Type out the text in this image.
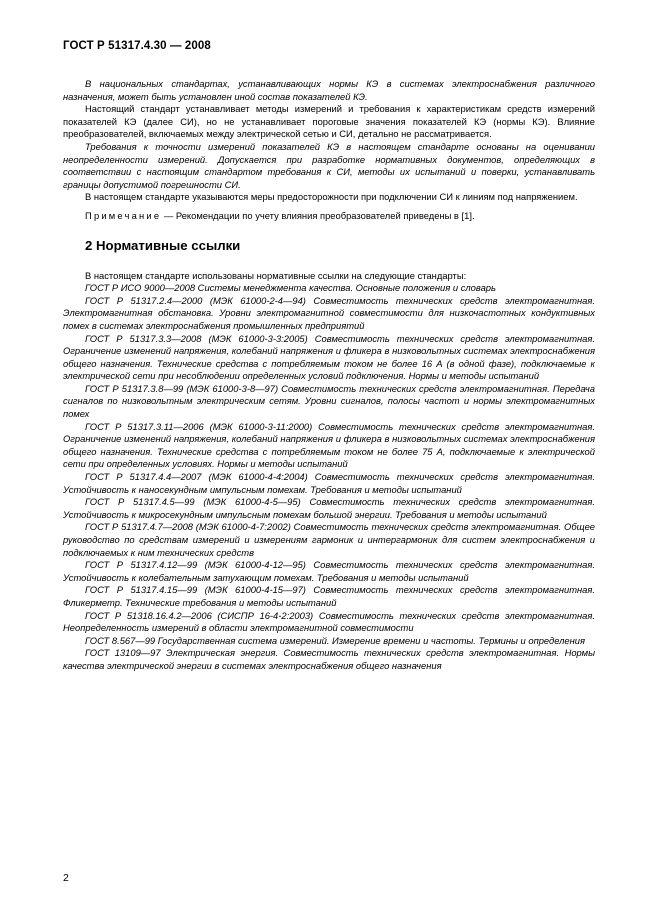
ГОСТ Р 51317.4.30 — 2008

В национальных стандартах, устанавливающих нормы КЭ в системах электроснабжения различного назначения, может быть установлен иной состав показателей КЭ.

Настоящий стандарт устанавливает методы измерений и требования к характеристикам средств измерений показателей КЭ (далее СИ), но не устанавливает пороговые значения показателей КЭ (нормы КЭ). Влияние преобразователей, включаемых между электрической сетью и СИ, детально не рассматривается.

Требования к точности измерений показателей КЭ в настоящем стандарте основаны на оценивании неопределенности измерений. Допускается при разработке нормативных документов, определяющих в соответствии с настоящим стандартом требования к СИ, методы их испытаний и поверки, устанавливать границы допустимой погрешности СИ.

В настоящем стандарте указываются меры предосторожности при подключении СИ к линиям под напряжением.

Примечание — Рекомендации по учету влияния преобразователей приведены в [1].

2 Нормативные ссылки

В настоящем стандарте использованы нормативные ссылки на следующие стандарты:

ГОСТ Р ИСО 9000—2008 Системы менеджмента качества. Основные положения и словарь

ГОСТ Р 51317.2.4—2000 (МЭК 61000-2-4—94) Совместимость технических средств электромагнитная. Электромагнитная обстановка. Уровни электромагнитной совместимости для низкочастотных кондуктивных помех в системах электроснабжения промышленных предприятий

ГОСТ Р 51317.3.3—2008 (МЭК 61000-3-3:2005) Совместимость технических средств электромагнитная. Ограничение изменений напряжения, колебаний напряжения и фликера в низковольтных системах электроснабжения общего назначения. Технические средства с потребляемым током не более 16 А (в одной фазе), подключаемые к электрической сети при несоблюдении определенных условий подключения. Нормы и методы испытаний

ГОСТ Р 51317.3.8—99 (МЭК 61000-3-8—97) Совместимость технических средств электромагнитная. Передача сигналов по низковольтным электрическим сетям. Уровни сигналов, полосы частот и нормы электромагнитных помех

ГОСТ Р 51317.3.11—2006 (МЭК 61000-3-11:2000) Совместимость технических средств электромагнитная. Ограничение изменений напряжения, колебаний напряжения и фликера в низковольтных системах электроснабжения общего назначения. Технические средства с потребляемым током не более 75 А, подключаемые к электрической сети при определенных условиях. Нормы и методы испытаний

ГОСТ Р 51317.4.4—2007 (МЭК 61000-4-4:2004) Совместимость технических средств электромагнитная. Устойчивость к наносекундным импульсным помехам. Требования и методы испытаний

ГОСТ Р 51317.4.5—99 (МЭК 61000-4-5—95) Совместимость технических средств электромагнитная. Устойчивость к микросекундным импульсным помехам большой энергии. Требования и методы испытаний

ГОСТ Р 51317.4.7—2008 (МЭК 61000-4-7:2002) Совместимость технических средств электромагнитная. Общее руководство по средствам измерений и измерениям гармоник и интергармоник для систем электроснабжения и подключаемых к ним технических средств

ГОСТ Р 51317.4.12—99 (МЭК 61000-4-12—95) Совместимость технических средств электромагнитная. Устойчивость к колебательным затухающим помехам. Требования и методы испытаний

ГОСТ Р 51317.4.15—99 (МЭК 61000-4-15—97) Совместимость технических средств электромагнитная. Фликерметр. Технические требования и методы испытаний

ГОСТ Р 51318.16.4.2—2006 (СИСПР 16-4-2:2003) Совместимость технических средств электромагнитная. Неопределенность измерений в области электромагнитной совместимости

ГОСТ 8.567—99 Государственная система измерений. Измерение времени и частоты. Термины и определения

ГОСТ 13109—97 Электрическая энергия. Совместимость технических средств электромагнитная. Нормы качества электрической энергии в системах электроснабжения общего назначения

2
